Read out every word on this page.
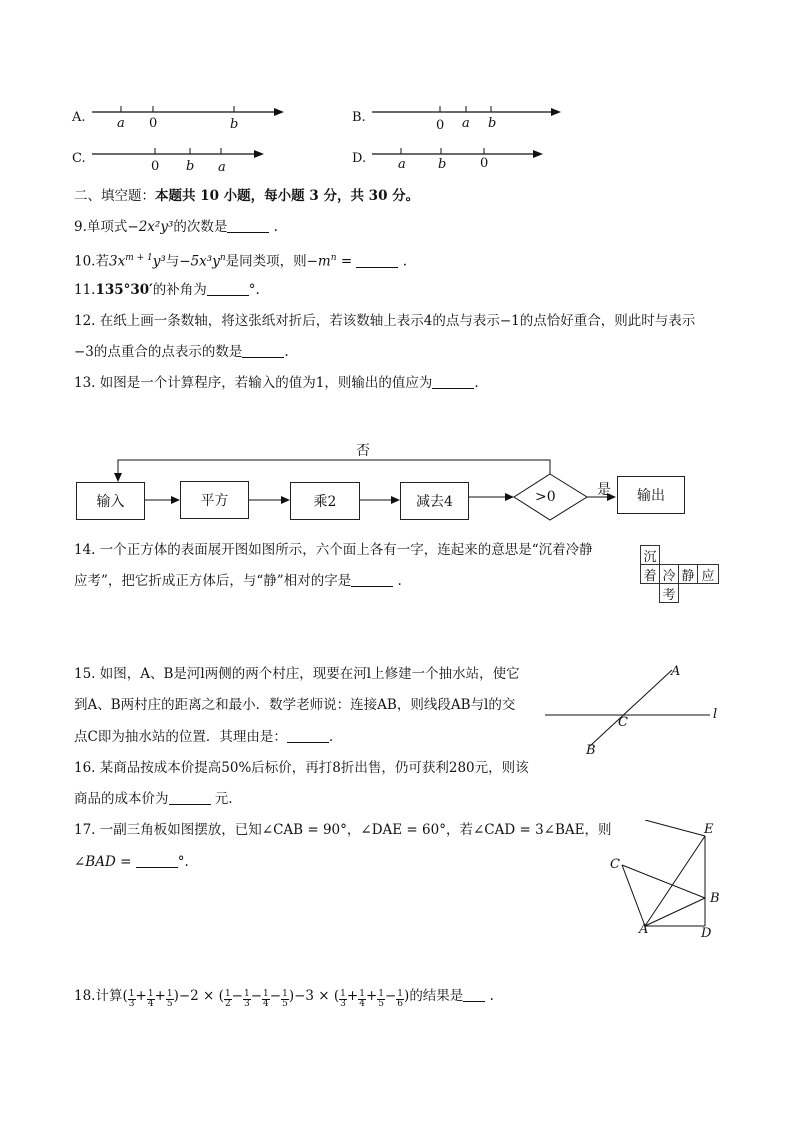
A. a 0	b	B.
0 a b
C.
0 b a
D. a b	0
二、填空题：本题共 10 小题，每小题 3 分，共 30 分。
9.单项式−2x²y³的次数是	.
10.若$3x^{m + 1}y^3$与$-5x^3y^n$是同类项，则$-m^n$ =	.
11.135°30′的补角为	°.
12. 在纸上画一条数轴，将这张纸对折后，若该数轴上表示4的点与表示−1的点恰好重合，则此时与表示
−3的点重合的点表示的数是	.
13. 如图是一个计算程序，若输入的值为1，则输出的值应为	.
否
输入	平方	乘2	减去4	>0	是	输出
14. 一个正方体的表面展开图如图所示，六个面上各有一字，连起来的意思是“沉着冷静
应考”，把它折成正方体后，与“静”相对的字是	.
沉
着 冷 静 应
考
15. 如图，A、B是河l两侧的两个村庄，现要在河l上修建一个抽水站，使它
到A、B两村庄的距离之和最小．数学老师说：连接AB，则线段AB与l的交
点C即为抽水站的位置．其理由是：	.
A
C
l
B
16. 某商品按成本价提高50%后标价，再打8折出售，仍可获利280元，则该
商品的成本价为	元.
17. 一副三角板如图摆放，已知∠CAB = 90°，∠DAE = 60°，若∠CAD = 3∠BAE，则
∠BAD =	°.
E
C
B
A	D
18.计算( $\frac{1}{3} + \frac{1}{4} + \frac{1}{5} )-2$ × ( $\frac{1}{2} - \frac{1}{3} - \frac{1}{4} - \frac{1}{5} )-3$ × ( $\frac{1}{3} + \frac{1}{4} + \frac{1}{5} - \frac{1}{6}$ )的结果是 .
